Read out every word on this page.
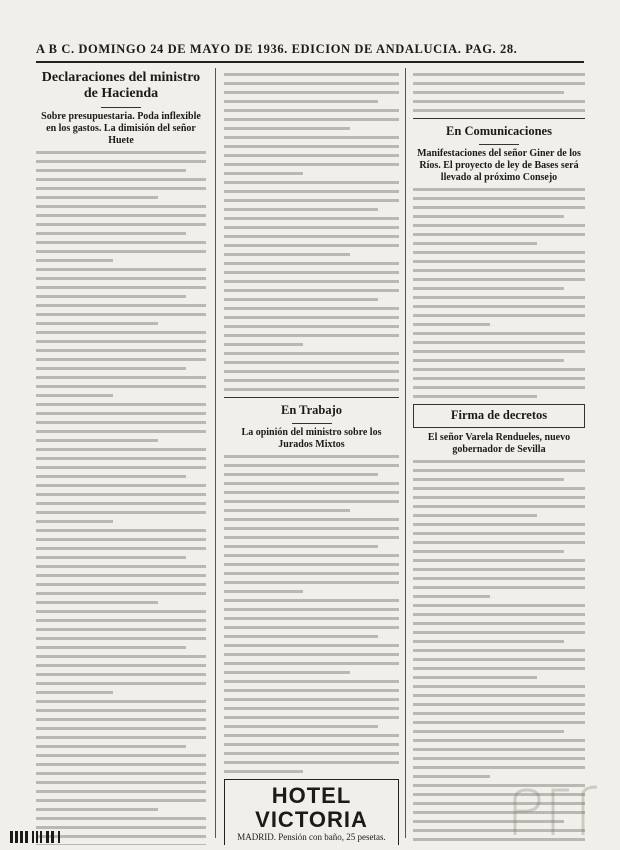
A B C. DOMINGO 24 DE MAYO DE 1936. EDICION DE ANDALUCIA. PAG. 28.
Declaraciones del ministro de Hacienda
Sobre presupuestaria. Poda inflexible en los gastos. La dimisión del señor Huete
En Trabajo
La opinión del ministro sobre los Jurados Mixtos
HOTEL VICTORIA
MADRID. Pensión con baño, 25 pesetas.
En Comunicaciones
Manifestaciones del señor Giner de los Ríos. El proyecto de ley de Bases será llevado al próximo Consejo
Firma de decretos
El señor Varela Rendueles, nuevo gobernador de Sevilla
